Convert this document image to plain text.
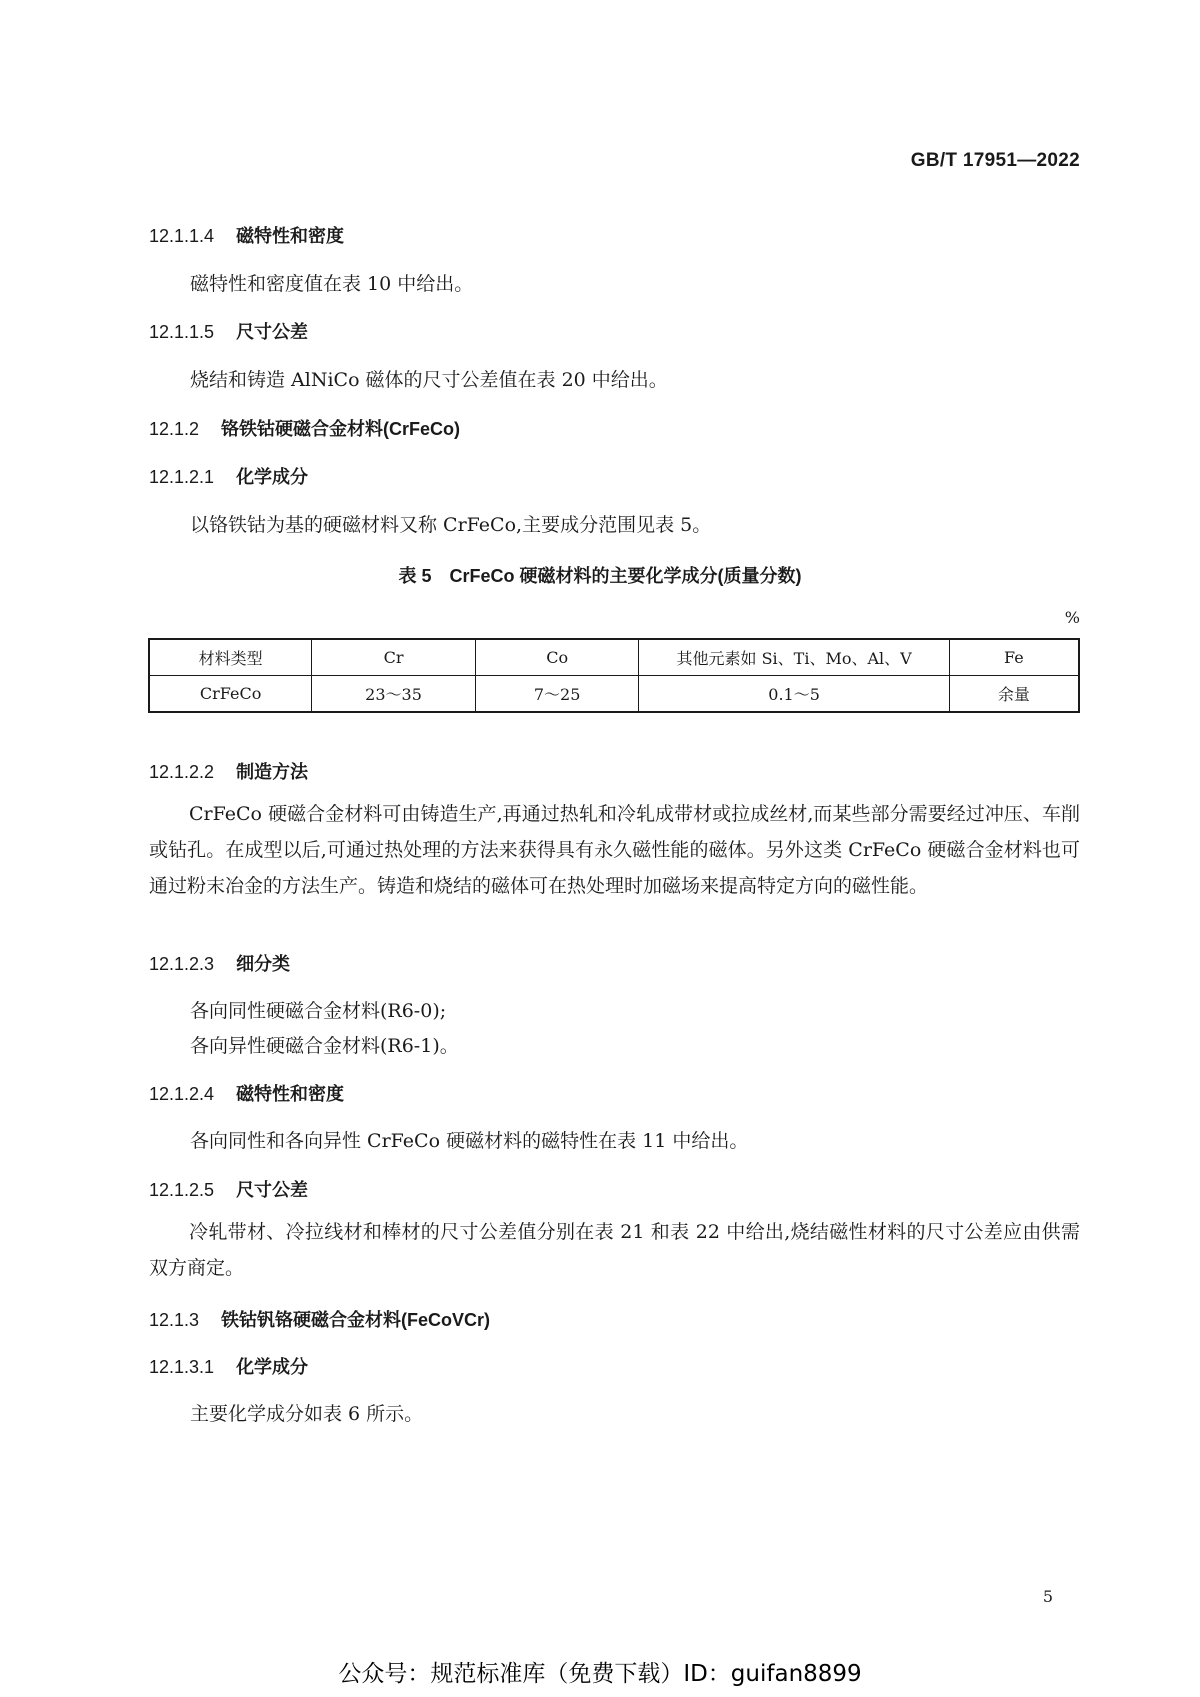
GB/T 17951—2022
12.1.1.4 磁特性和密度
磁特性和密度值在表 10 中给出。
12.1.1.5 尺寸公差
烧结和铸造 AlNiCo 磁体的尺寸公差值在表 20 中给出。
12.1.2 铬铁钴硬磁合金材料(CrFeCo)
12.1.2.1 化学成分
以铬铁钴为基的硬磁材料又称 CrFeCo,主要成分范围见表 5。
表 5　CrFeCo 硬磁材料的主要化学成分(质量分数)
%
材料类型	Cr	Co	其他元素如 Si、Ti、Mo、Al、V	Fe
CrFeCo	23～35	7～25	0.1～5	余量
12.1.2.2 制造方法
CrFeCo 硬磁合金材料可由铸造生产,再通过热轧和冷轧成带材或拉成丝材,而某些部分需要经过冲压、车削或钻孔。在成型以后,可通过热处理的方法来获得具有永久磁性能的磁体。另外这类 CrFeCo 硬磁合金材料也可通过粉末冶金的方法生产。铸造和烧结的磁体可在热处理时加磁场来提高特定方向的磁性能。
12.1.2.3 细分类
各向同性硬磁合金材料(R6-0);
各向异性硬磁合金材料(R6-1)。
12.1.2.4 磁特性和密度
各向同性和各向异性 CrFeCo 硬磁材料的磁特性在表 11 中给出。
12.1.2.5 尺寸公差
冷轧带材、冷拉线材和棒材的尺寸公差值分别在表 21 和表 22 中给出,烧结磁性材料的尺寸公差应由供需双方商定。
12.1.3 铁钴钒铬硬磁合金材料(FeCoVCr)
12.1.3.1 化学成分
主要化学成分如表 6 所示。
5
公众号：规范标准库（免费下载）ID：guifan8899
